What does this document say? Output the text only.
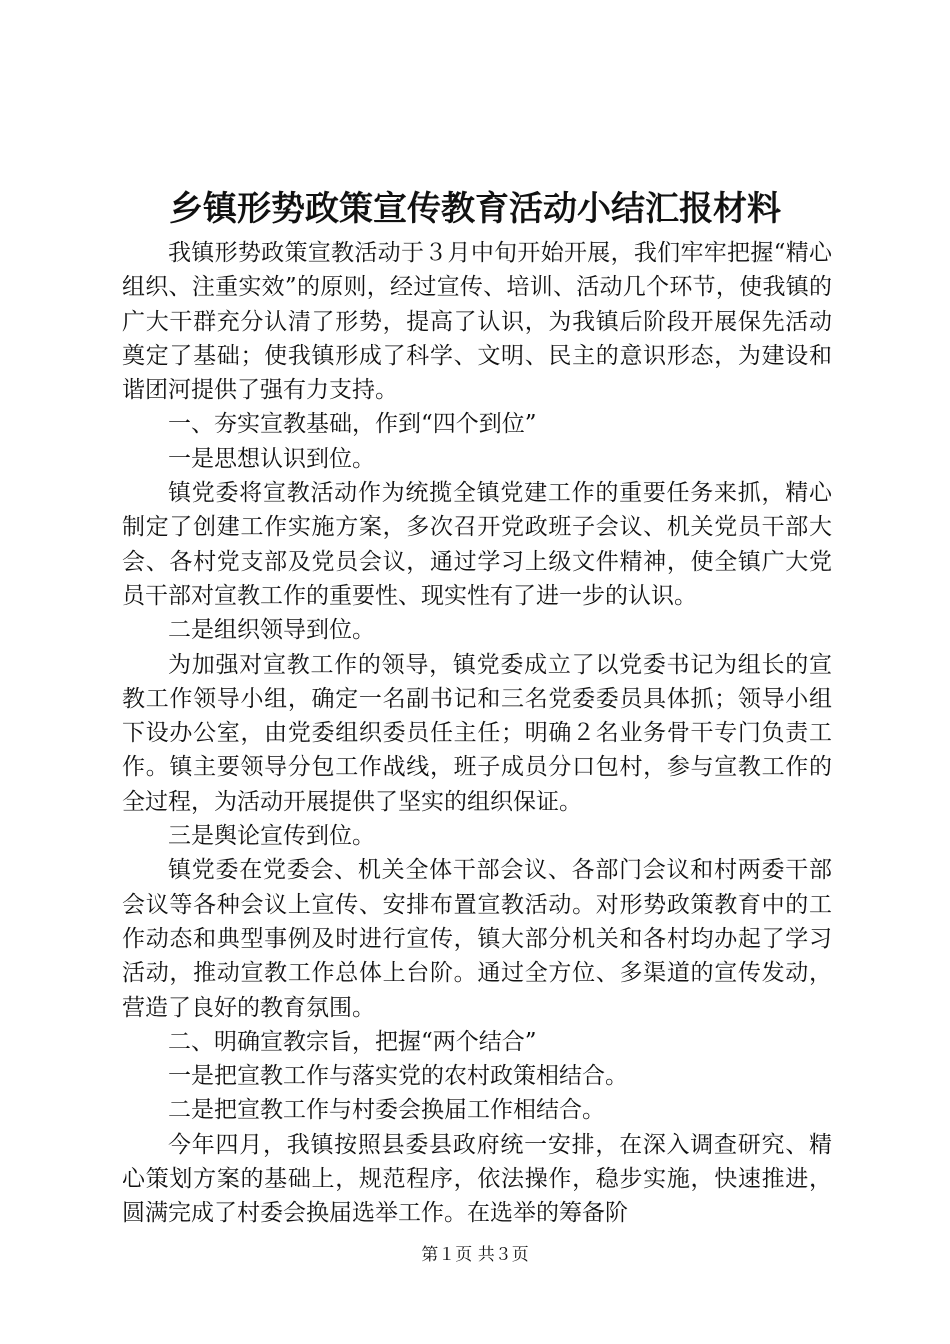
乡镇形势政策宣传教育活动小结汇报材料

我镇形势政策宣教活动于３月中旬开始开展，我们牢牢把握“精心组织、注重实效”的原则，经过宣传、培训、活动几个环节，使我镇的广大干群充分认清了形势，提高了认识，为我镇后阶段开展保先活动奠定了基础；使我镇形成了科学、文明、民主的意识形态，为建设和谐团河提供了强有力支持。

一、夯实宣教基础，作到“四个到位”

一是思想认识到位。

镇党委将宣教活动作为统揽全镇党建工作的重要任务来抓，精心制定了创建工作实施方案，多次召开党政班子会议、机关党员干部大会、各村党支部及党员会议，通过学习上级文件精神，使全镇广大党员干部对宣教工作的重要性、现实性有了进一步的认识。

二是组织领导到位。

为加强对宣教工作的领导，镇党委成立了以党委书记为组长的宣教工作领导小组，确定一名副书记和三名党委委员具体抓；领导小组下设办公室，由党委组织委员任主任；明确２名业务骨干专门负责工作。镇主要领导分包工作战线，班子成员分口包村，参与宣教工作的全过程，为活动开展提供了坚实的组织保证。

三是舆论宣传到位。

镇党委在党委会、机关全体干部会议、各部门会议和村两委干部会议等各种会议上宣传、安排布置宣教活动。对形势政策教育中的工作动态和典型事例及时进行宣传，镇大部分机关和各村均办起了学习活动，推动宣教工作总体上台阶。通过全方位、多渠道的宣传发动，营造了良好的教育氛围。

二、明确宣教宗旨，把握“两个结合”

一是把宣教工作与落实党的农村政策相结合。

二是把宣教工作与村委会换届工作相结合。

今年四月，我镇按照县委县政府统一安排，在深入调查研究、精心策划方案的基础上，规范程序，依法操作，稳步实施，快速推进，圆满完成了村委会换届选举工作。在选举的筹备阶

第１页 共３页
